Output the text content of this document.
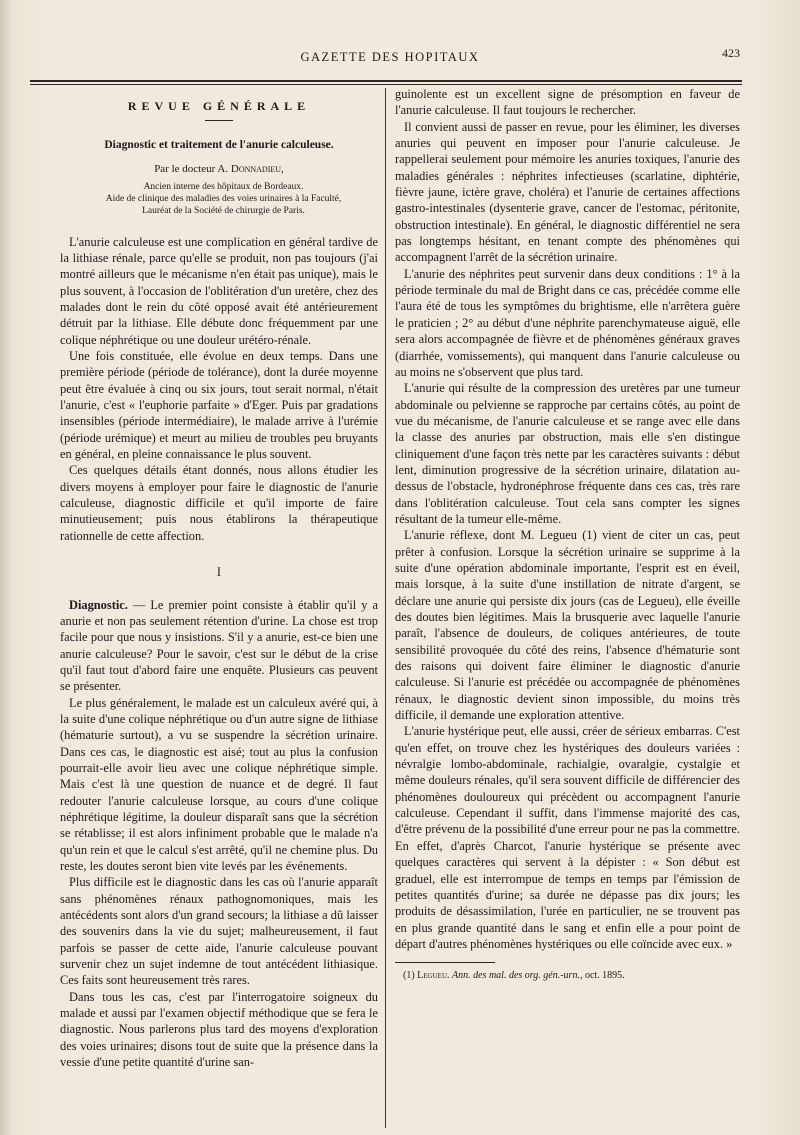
GAZETTE DES HOPITAUX	423
REVUE GÉNÉRALE
Diagnostic et traitement de l'anurie calculeuse.
Par le docteur A. Donnadieu,

Ancien interne des hôpitaux de Bordeaux.

Aide de clinique des maladies des voies urinaires à la Faculté,

Lauréat de la Société de chirurgie de Paris.

L'anurie calculeuse est une complication en général tardive de la lithiase rénale, parce qu'elle se produit, non pas toujours (j'ai montré ailleurs que le mécanisme n'en était pas unique), mais le plus souvent, à l'occasion de l'oblitération d'un uretère, chez des malades dont le rein du côté opposé avait été antérieurement détruit par la lithiase. Elle débute donc fréquemment par une colique néphrétique ou une douleur urétéro-rénale.

Une fois constituée, elle évolue en deux temps. Dans une première période (période de tolérance), dont la durée moyenne peut être évaluée à cinq ou six jours, tout serait normal, n'était l'anurie, c'est « l'euphorie parfaite » d'Eger. Puis par gradations insensibles (période intermédiaire), le malade arrive à l'urémie (période urémique) et meurt au milieu de troubles peu bruyants en général, en pleine connaissance le plus souvent.

Ces quelques détails étant donnés, nous allons étudier les divers moyens à employer pour faire le diagnostic de l'anurie calculeuse, diagnostic difficile et qu'il importe de faire minutieusement; puis nous établirons la thérapeutique rationnelle de cette affection.

I

Diagnostic. — Le premier point consiste à établir qu'il y a anurie et non pas seulement rétention d'urine. La chose est trop facile pour que nous y insistions. S'il y a anurie, est-ce bien une anurie calculeuse? Pour le savoir, c'est sur le début de la crise qu'il faut tout d'abord faire une enquête. Plusieurs cas peuvent se présenter.

Le plus généralement, le malade est un calculeux avéré qui, à la suite d'une colique néphrétique ou d'un autre signe de lithiase (hématurie surtout), a vu se suspendre la sécrétion urinaire. Dans ces cas, le diagnostic est aisé; tout au plus la confusion pourrait-elle avoir lieu avec une colique néphrétique simple. Mais c'est là une question de nuance et de degré. Il faut redouter l'anurie calculeuse lorsque, au cours d'une colique néphrétique légitime, la douleur disparaît sans que la sécrétion se rétablisse; il est alors infiniment probable que le malade n'a qu'un rein et que le calcul s'est arrêté, qu'il ne chemine plus. Du reste, les doutes seront bien vite levés par les événements.

Plus difficile est le diagnostic dans les cas où l'anurie apparaît sans phénomènes rénaux pathognomoniques, mais les antécédents sont alors d'un grand secours; la lithiase a dû laisser des souvenirs dans la vie du sujet; malheureusement, il faut parfois se passer de cette aide, l'anurie calculeuse pouvant survenir chez un sujet indemne de tout antécédent lithiasique. Ces faits sont heureusement très rares.

Dans tous les cas, c'est par l'interrogatoire soigneux du malade et aussi par l'examen objectif méthodique que se fera le diagnostic. Nous parlerons plus tard des moyens d'exploration des voies urinaires; disons tout de suite que la présence dans la vessie d'une petite quantité d'urine san-

guinolente est un excellent signe de présomption en faveur de l'anurie calculeuse. Il faut toujours le rechercher.

Il convient aussi de passer en revue, pour les éliminer, les diverses anuries qui peuvent en imposer pour l'anurie calculeuse. Je rappellerai seulement pour mémoire les anuries toxiques, l'anurie des maladies générales : néphrites infectieuses (scarlatine, diphtérie, fièvre jaune, ictère grave, choléra) et l'anurie de certaines affections gastro-intestinales (dysenterie grave, cancer de l'estomac, péritonite, obstruction intestinale). En général, le diagnostic différentiel ne sera pas longtemps hésitant, en tenant compte des phénomènes qui accompagnent l'arrêt de la sécrétion urinaire.

L'anurie des néphrites peut survenir dans deux conditions : 1° à la période terminale du mal de Bright dans ce cas, précédée comme elle l'aura été de tous les symptômes du brightisme, elle n'arrêtera guère le praticien ; 2° au début d'une néphrite parenchymateuse aiguë, elle sera alors accompagnée de fièvre et de phénomènes généraux graves (diarrhée, vomissements), qui manquent dans l'anurie calculeuse ou au moins ne s'observent que plus tard.

L'anurie qui résulte de la compression des uretères par une tumeur abdominale ou pelvienne se rapproche par certains côtés, au point de vue du mécanisme, de l'anurie calculeuse et se range avec elle dans la classe des anuries par obstruction, mais elle s'en distingue cliniquement d'une façon très nette par les caractères suivants : début lent, diminution progressive de la sécrétion urinaire, dilatation au-dessus de l'obstacle, hydronéphrose fréquente dans ces cas, très rare dans l'oblitération calculeuse. Tout cela sans compter les signes résultant de la tumeur elle-même.

L'anurie réflexe, dont M. Legueu (1) vient de citer un cas, peut prêter à confusion. Lorsque la sécrétion urinaire se supprime à la suite d'une opération abdominale importante, l'esprit est en éveil, mais lorsque, à la suite d'une instillation de nitrate d'argent, se déclare une anurie qui persiste dix jours (cas de Legueu), elle éveille des doutes bien légitimes. Mais la brusquerie avec laquelle l'anurie paraît, l'absence de douleurs, de coliques antérieures, de toute sensibilité provoquée du côté des reins, l'absence d'hématurie sont des raisons qui doivent faire éliminer le diagnostic d'anurie calculeuse. Si l'anurie est précédée ou accompagnée de phénomènes rénaux, le diagnostic devient sinon impossible, du moins très difficile, il demande une exploration attentive.

L'anurie hystérique peut, elle aussi, créer de sérieux embarras. C'est qu'en effet, on trouve chez les hystériques des douleurs variées : névralgie lombo-abdominale, rachialgie, ovaralgie, cystalgie et même douleurs rénales, qu'il sera souvent difficile de différencier des phénomènes douloureux qui précèdent ou accompagnent l'anurie calculeuse. Cependant il suffit, dans l'immense majorité des cas, d'être prévenu de la possibilité d'une erreur pour ne pas la commettre. En effet, d'après Charcot, l'anurie hystérique se présente avec quelques caractères qui servent à la dépister : « Son début est graduel, elle est interrompue de temps en temps par l'émission de petites quantités d'urine; sa durée ne dépasse pas dix jours; les produits de désassimilation, l'urée en particulier, ne se trouvent pas en plus grande quantité dans le sang et enfin elle a pour point de départ d'autres phénomènes hystériques ou elle coïncide avec eux. »

(1) Legueu. Ann. des mal. des org. gén.-urn., oct. 1895.
